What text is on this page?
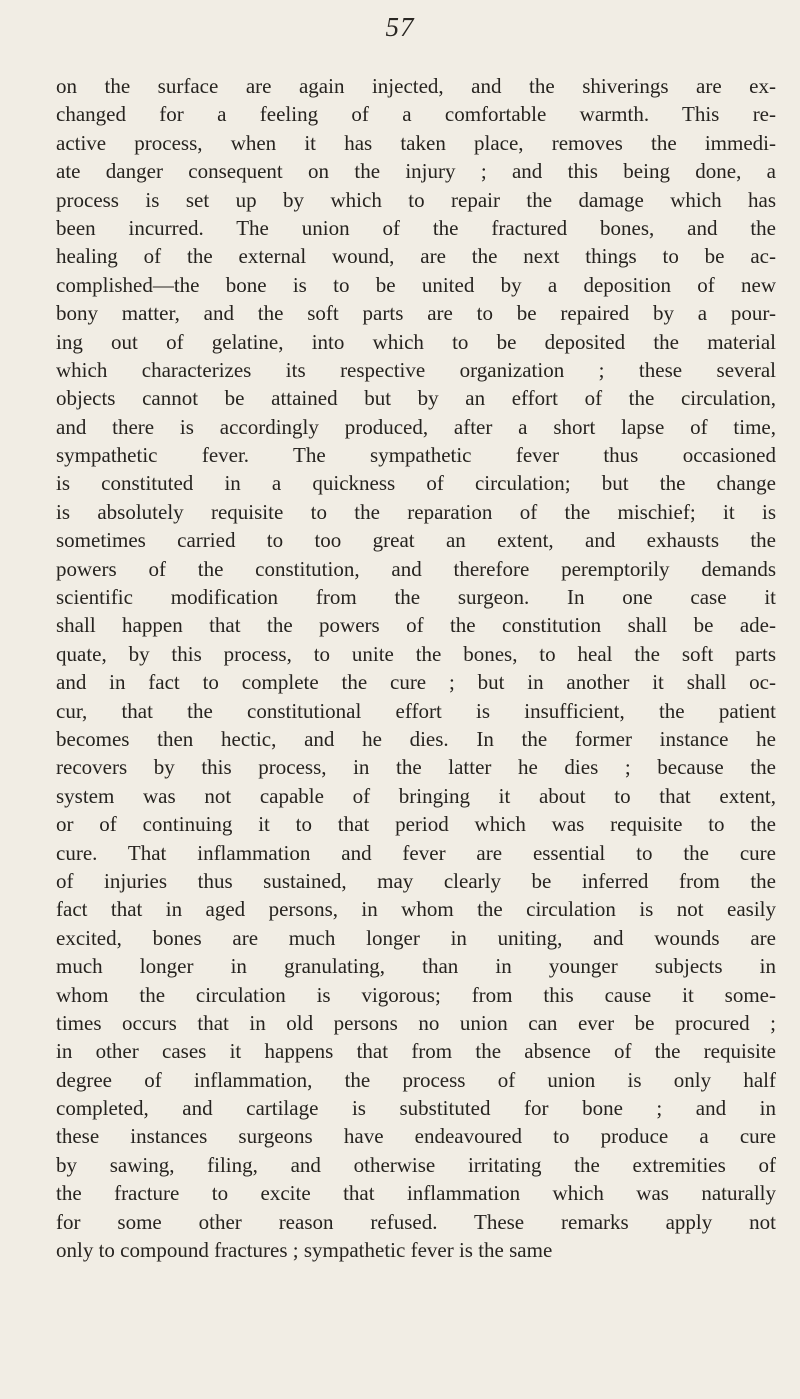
57
on the surface are again injected, and the shiverings are ex-
changed for a feeling of a comfortable warmth. This re-
active process, when it has taken place, removes the immedi-
ate danger consequent on the injury ; and this being done, a
process is set up by which to repair the damage which has
been incurred. The union of the fractured bones, and the
healing of the external wound, are the next things to be ac-
complished—the bone is to be united by a deposition of new
bony matter, and the soft parts are to be repaired by a pour-
ing out of gelatine, into which to be deposited the material
which characterizes its respective organization ; these several
objects cannot be attained but by an effort of the circulation,
and there is accordingly produced, after a short lapse of time,
sympathetic fever. The sympathetic fever thus occasioned
is constituted in a quickness of circulation; but the change
is absolutely requisite to the reparation of the mischief; it is
sometimes carried to too great an extent, and exhausts the
powers of the constitution, and therefore peremptorily demands
scientific modification from the surgeon. In one case it
shall happen that the powers of the constitution shall be ade-
quate, by this process, to unite the bones, to heal the soft parts
and in fact to complete the cure ; but in another it shall oc-
cur, that the constitutional effort is insufficient, the patient
becomes then hectic, and he dies. In the former instance he
recovers by this process, in the latter he dies ; because the
system was not capable of bringing it about to that extent,
or of continuing it to that period which was requisite to the
cure. That inflammation and fever are essential to the cure
of injuries thus sustained, may clearly be inferred from the
fact that in aged persons, in whom the circulation is not easily
excited, bones are much longer in uniting, and wounds are
much longer in granulating, than in younger subjects in
whom the circulation is vigorous; from this cause it some-
times occurs that in old persons no union can ever be procured ;
in other cases it happens that from the absence of the requisite
degree of inflammation, the process of union is only half
completed, and cartilage is substituted for bone ; and in
these instances surgeons have endeavoured to produce a cure
by sawing, filing, and otherwise irritating the extremities of
the fracture to excite that inflammation which was naturally
for some other reason refused. These remarks apply not
only to compound fractures ; sympathetic fever is the same
